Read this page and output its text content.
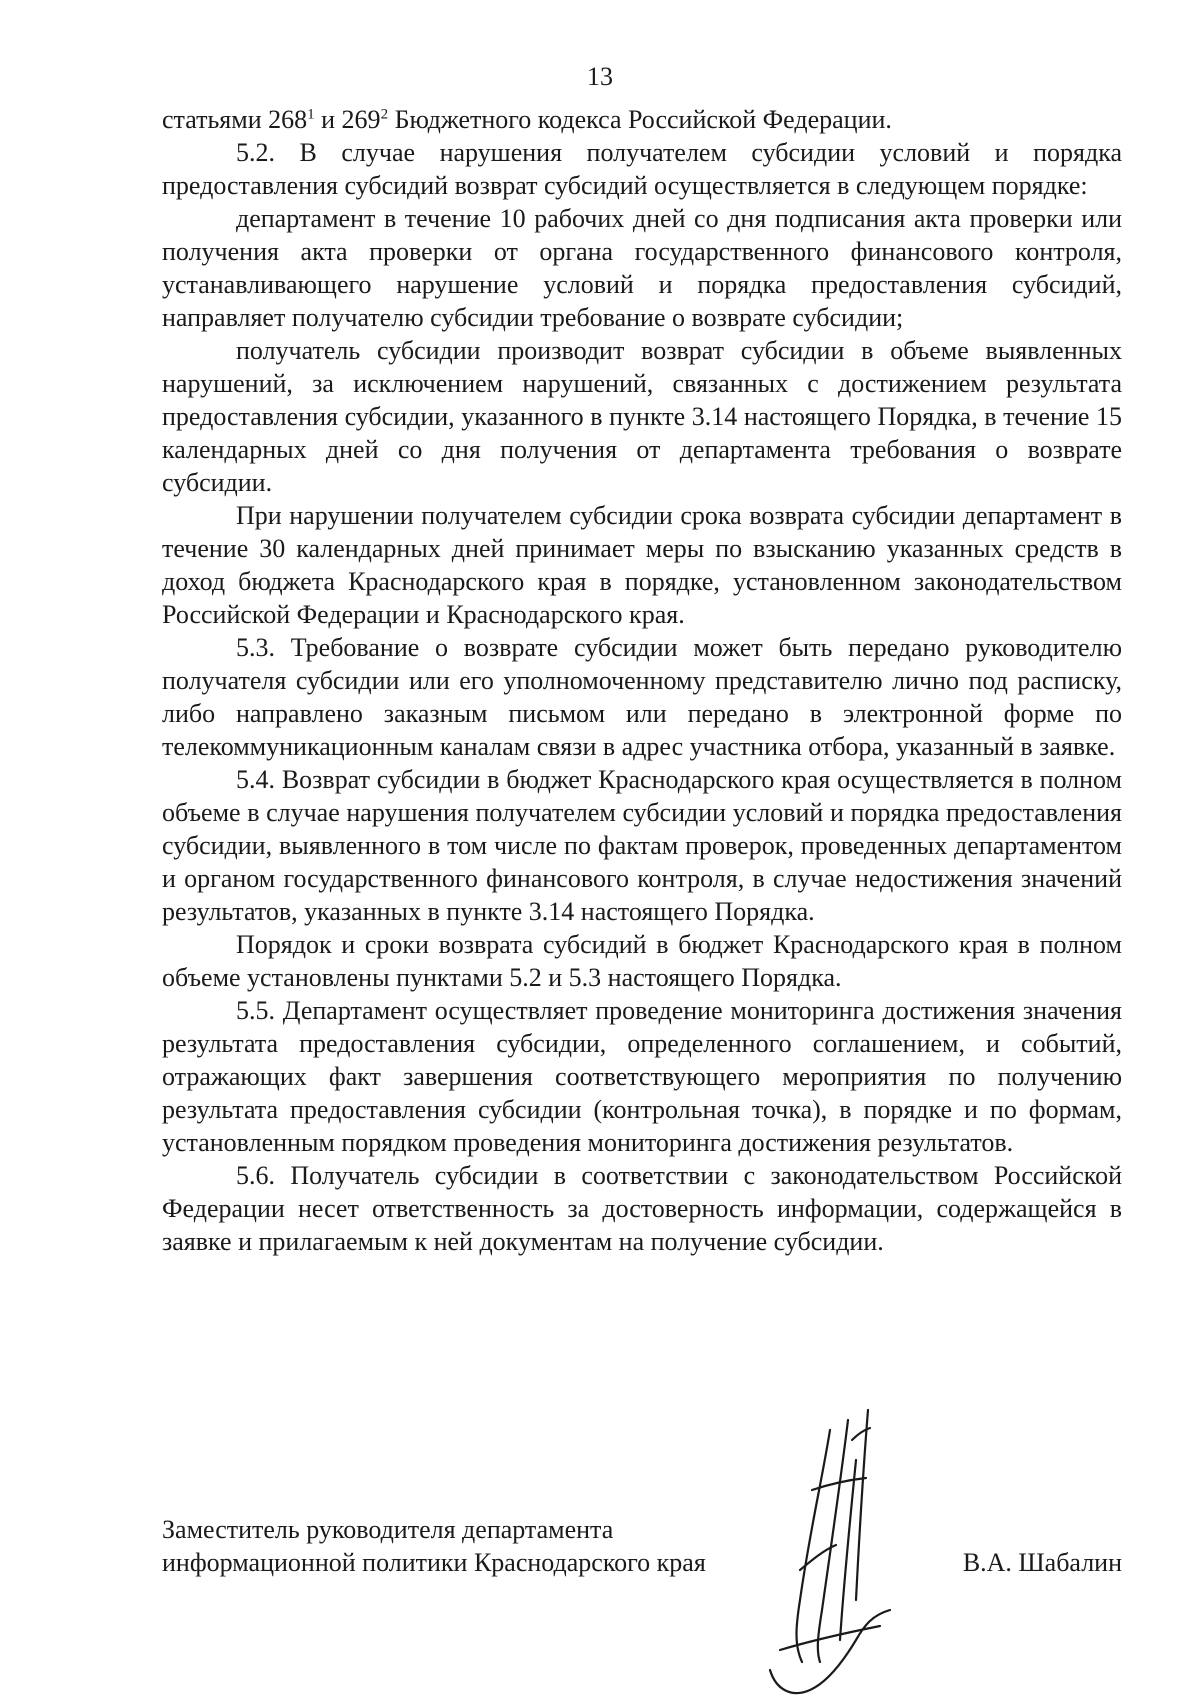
13

статьями $268^1$ и $269^2$ Бюджетного кодекса Российской Федерации.

5.2. В случае нарушения получателем субсидии условий и порядка предоставления субсидий возврат субсидий осуществляется в следующем порядке:

департамент в течение 10 рабочих дней со дня подписания акта проверки или получения акта проверки от органа государственного финансового контроля, устанавливающего нарушение условий и порядка предоставления субсидий, направляет получателю субсидии требование о возврате субсидии;

получатель субсидии производит возврат субсидии в объеме выявленных нарушений, за исключением нарушений, связанных с достижением результата предоставления субсидии, указанного в пункте 3.14 настоящего Порядка, в течение 15 календарных дней со дня получения от департамента требования о возврате субсидии.

При нарушении получателем субсидии срока возврата субсидии департамент в течение 30 календарных дней принимает меры по взысканию указанных средств в доход бюджета Краснодарского края в порядке, установленном законодательством Российской Федерации и Краснодарского края.

5.3. Требование о возврате субсидии может быть передано руководителю получателя субсидии или его уполномоченному представителю лично под расписку, либо направлено заказным письмом или передано в электронной форме по телекоммуникационным каналам связи в адрес участника отбора, указанный в заявке.

5.4. Возврат субсидии в бюджет Краснодарского края осуществляется в полном объеме в случае нарушения получателем субсидии условий и порядка предоставления субсидии, выявленного в том числе по фактам проверок, проведенных департаментом и органом государственного финансового контроля, в случае недостижения значений результатов, указанных в пункте 3.14 настоящего Порядка.

Порядок и сроки возврата субсидий в бюджет Краснодарского края в полном объеме установлены пунктами 5.2 и 5.3 настоящего Порядка.

5.5. Департамент осуществляет проведение мониторинга достижения значения результата предоставления субсидии, определенного соглашением, и событий, отражающих факт завершения соответствующего мероприятия по получению результата предоставления субсидии (контрольная точка), в порядке и по формам, установленным порядком проведения мониторинга достижения результатов.

5.6. Получатель субсидии в соответствии с законодательством Российской Федерации несет ответственность за достоверность информации, содержащейся в заявке и прилагаемым к ней документам на получение субсидии.

Заместитель руководителя департамента
информационной политики Краснодарского края	В.А. Шабалин
